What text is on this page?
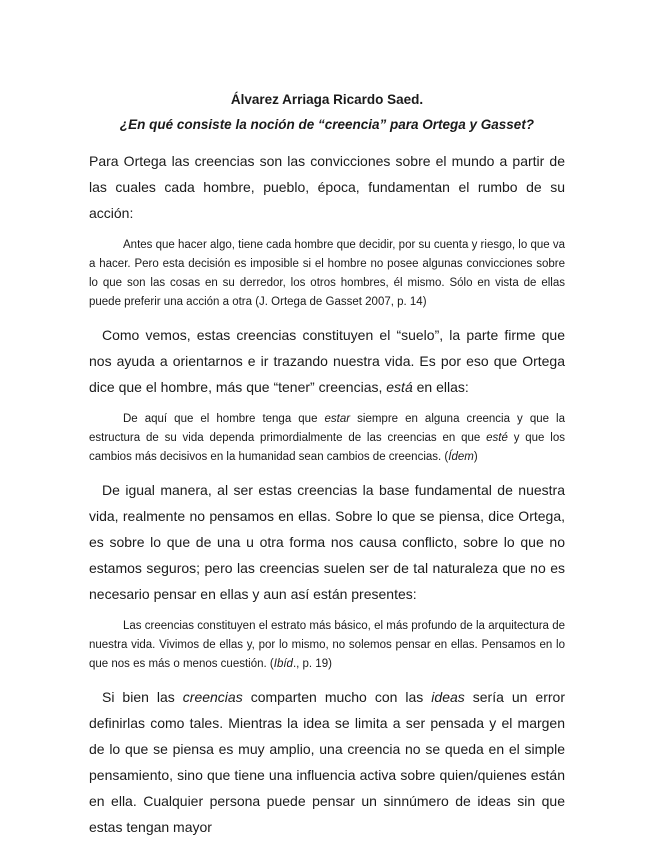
Álvarez Arriaga Ricardo Saed.
¿En qué consiste la noción de “creencia” para Ortega y Gasset?

Para Ortega las creencias son las convicciones sobre el mundo a partir de las cuales cada hombre, pueblo, época, fundamentan el rumbo de su acción:

Antes que hacer algo, tiene cada hombre que decidir, por su cuenta y riesgo, lo que va a hacer. Pero esta decisión es imposible si el hombre no posee algunas convicciones sobre lo que son las cosas en su derredor, los otros hombres, él mismo. Sólo en vista de ellas puede preferir una acción a otra (J. Ortega de Gasset 2007, p. 14)

Como vemos, estas creencias constituyen el “suelo”, la parte firme que nos ayuda a orientarnos e ir trazando nuestra vida. Es por eso que Ortega dice que el hombre, más que “tener” creencias, está en ellas:

De aquí que el hombre tenga que estar siempre en alguna creencia y que la estructura de su vida dependa primordialmente de las creencias en que esté y que los cambios más decisivos en la humanidad sean cambios de creencias. (Ídem)

De igual manera, al ser estas creencias la base fundamental de nuestra vida, realmente no pensamos en ellas. Sobre lo que se piensa, dice Ortega, es sobre lo que de una u otra forma nos causa conflicto, sobre lo que no estamos seguros; pero las creencias suelen ser de tal naturaleza que no es necesario pensar en ellas y aun así están presentes:

Las creencias constituyen el estrato más básico, el más profundo de la arquitectura de nuestra vida. Vivimos de ellas y, por lo mismo, no solemos pensar en ellas. Pensamos en lo que nos es más o menos cuestión. (Ibíd., p. 19)

Si bien las creencias comparten mucho con las ideas sería un error definirlas como tales. Mientras la idea se limita a ser pensada y el margen de lo que se piensa es muy amplio, una creencia no se queda en el simple pensamiento, sino que tiene una influencia activa sobre quien/quienes están en ella. Cualquier persona puede pensar un sinnúmero de ideas sin que estas tengan mayor
